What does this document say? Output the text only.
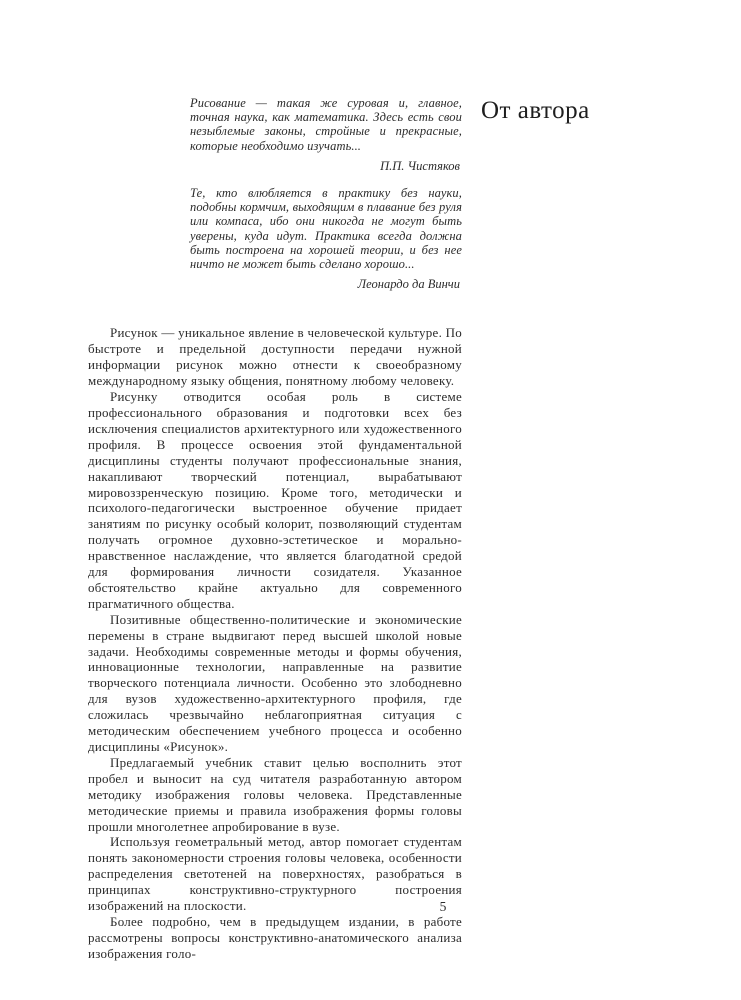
От автора

Рисование — такая же суровая и, главное, точная наука, как математика. Здесь есть свои незыблемые законы, стройные и прекрасные, которые необходимо изучать...

П.П. Чистяков

Те, кто влюбляется в практику без науки, подобны кормчим, выходящим в плавание без руля или компаса, ибо они никогда не могут быть уверены, куда идут. Практика всегда должна быть построена на хорошей теории, и без нее ничто не может быть сделано хорошо...

Леонардо да Винчи

Рисунок — уникальное явление в человеческой культуре. По быстроте и предельной доступности передачи нужной информации рисунок можно отнести к своеобразному международному языку общения, понятному любому человеку.

Рисунку отводится особая роль в системе профессионального образования и подготовки всех без исключения специалистов архитектурного или художественного профиля. В процессе освоения этой фундаментальной дисциплины студенты получают профессиональные знания, накапливают творческий потенциал, вырабатывают мировоззренческую позицию. Кроме того, методически и психолого-педагогически выстроенное обучение придает занятиям по рисунку особый колорит, позволяющий студентам получать огромное духовно-эстетическое и морально-нравственное наслаждение, что является благодатной средой для формирования личности созидателя. Указанное обстоятельство крайне актуально для современного прагматичного общества.

Позитивные общественно-политические и экономические перемены в стране выдвигают перед высшей школой новые задачи. Необходимы современные методы и формы обучения, инновационные технологии, направленные на развитие творческого потенциала личности. Особенно это злободневно для вузов художественно-архитектурного профиля, где сложилась чрезвычайно неблагоприятная ситуация с методическим обеспечением учебного процесса и особенно дисциплины «Рисунок».

Предлагаемый учебник ставит целью восполнить этот пробел и выносит на суд читателя разработанную автором методику изображения головы человека. Представленные методические приемы и правила изображения формы головы прошли многолетнее апробирование в вузе.

Используя геометральный метод, автор помогает студентам понять закономерности строения головы человека, особенности распределения светотеней на поверхностях, разобраться в принципах конструктивно-структурного построения изображений на плоскости.

Более подробно, чем в предыдущем издании, в работе рассмотрены вопросы конструктивно-анатомического анализа изображения голо-

5
